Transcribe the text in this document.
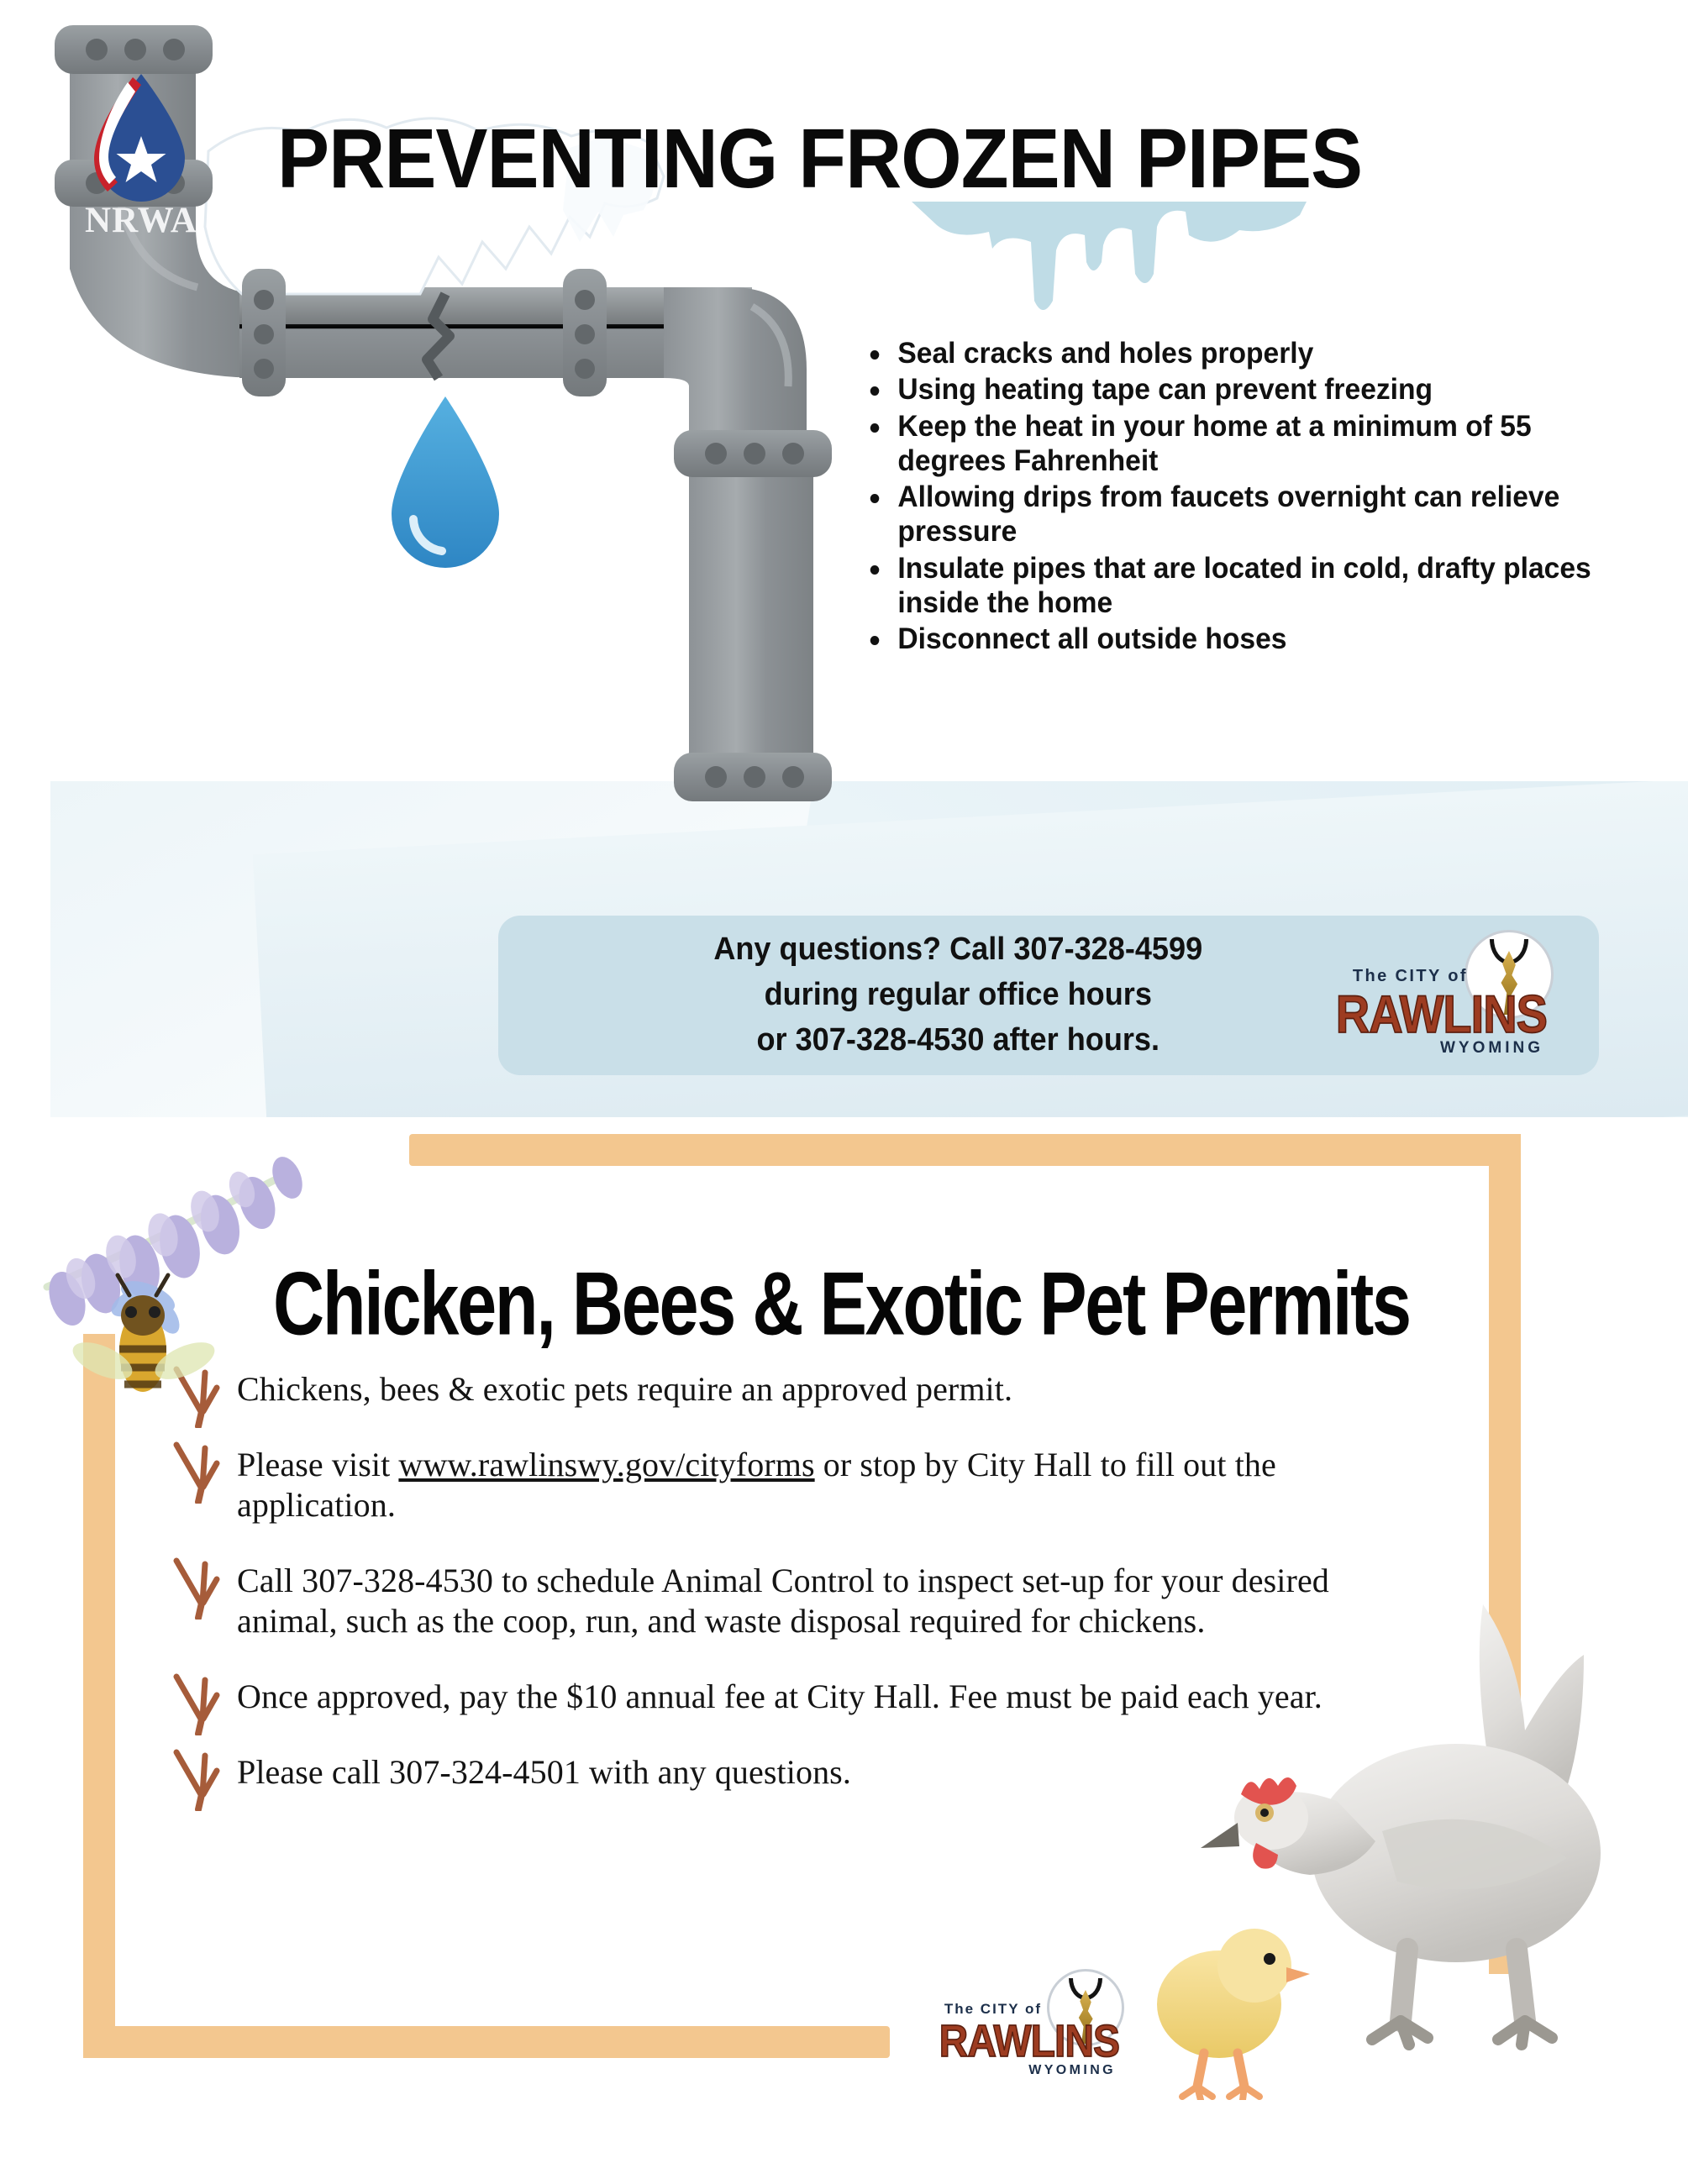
NRWA
PREVENTING FROZEN PIPES
Seal cracks and holes properly
Using heating tape can prevent freezing
Keep the heat in your home at a minimum of 55 degrees Fahrenheit
Allowing drips from faucets overnight can relieve pressure
Insulate pipes that are located in cold, drafty places inside the home
Disconnect all outside hoses
Any questions? Call 307-328-4599
during regular office hours
or 307-328-4530 after hours.
The CITY of
RAWLINS
WYOMING
Chicken, Bees & Exotic Pet Permits
Chickens, bees & exotic pets require an approved permit.
Please visit www.rawlinswy.gov/cityforms or stop by City Hall to fill out the application.
Call 307-328-4530 to schedule Animal Control to inspect set-up for your desired animal, such as the coop, run, and waste disposal required for chickens.
Once approved, pay the $10 annual fee at City Hall. Fee must be paid each year.
Please call 307-324-4501 with any questions.
The CITY of
RAWLINS
WYOMING
